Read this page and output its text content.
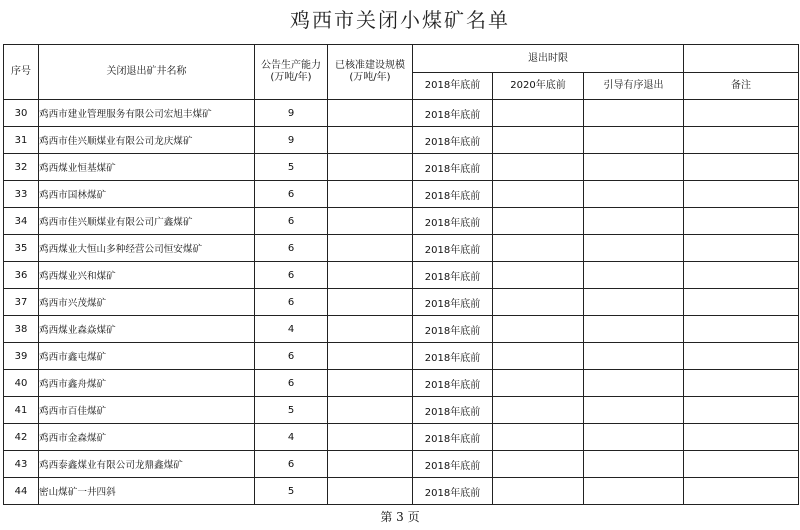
鸡西市关闭小煤矿名单
序号	关闭退出矿井名称	公告生产能力
(万吨/年)	已核准建设规模
(万吨/年)	退出时限			
				2018年底前	2020年底前	引导有序退出	备注
30	鸡西市建业管理服务有限公司宏旭丰煤矿	9		2018年底前			
31	鸡西市佳兴顺煤业有限公司龙庆煤矿	9		2018年底前			
32	鸡西煤业恒基煤矿	5		2018年底前			
33	鸡西市国林煤矿	6		2018年底前			
34	鸡西市佳兴顺煤业有限公司广鑫煤矿	6		2018年底前			
35	鸡西煤业大恒山多种经营公司恒安煤矿	6		2018年底前			
36	鸡西煤业兴和煤矿	6		2018年底前			
37	鸡西市兴茂煤矿	6		2018年底前			
38	鸡西煤业森焱煤矿	4		2018年底前			
39	鸡西市鑫屯煤矿	6		2018年底前			
40	鸡西市鑫舟煤矿	6		2018年底前			
41	鸡西市百佳煤矿	5		2018年底前			
42	鸡西市金森煤矿	4		2018年底前			
43	鸡西泰鑫煤业有限公司龙鼎鑫煤矿	6		2018年底前			
44	密山煤矿一井四斜	5		2018年底前			
第 3 页
